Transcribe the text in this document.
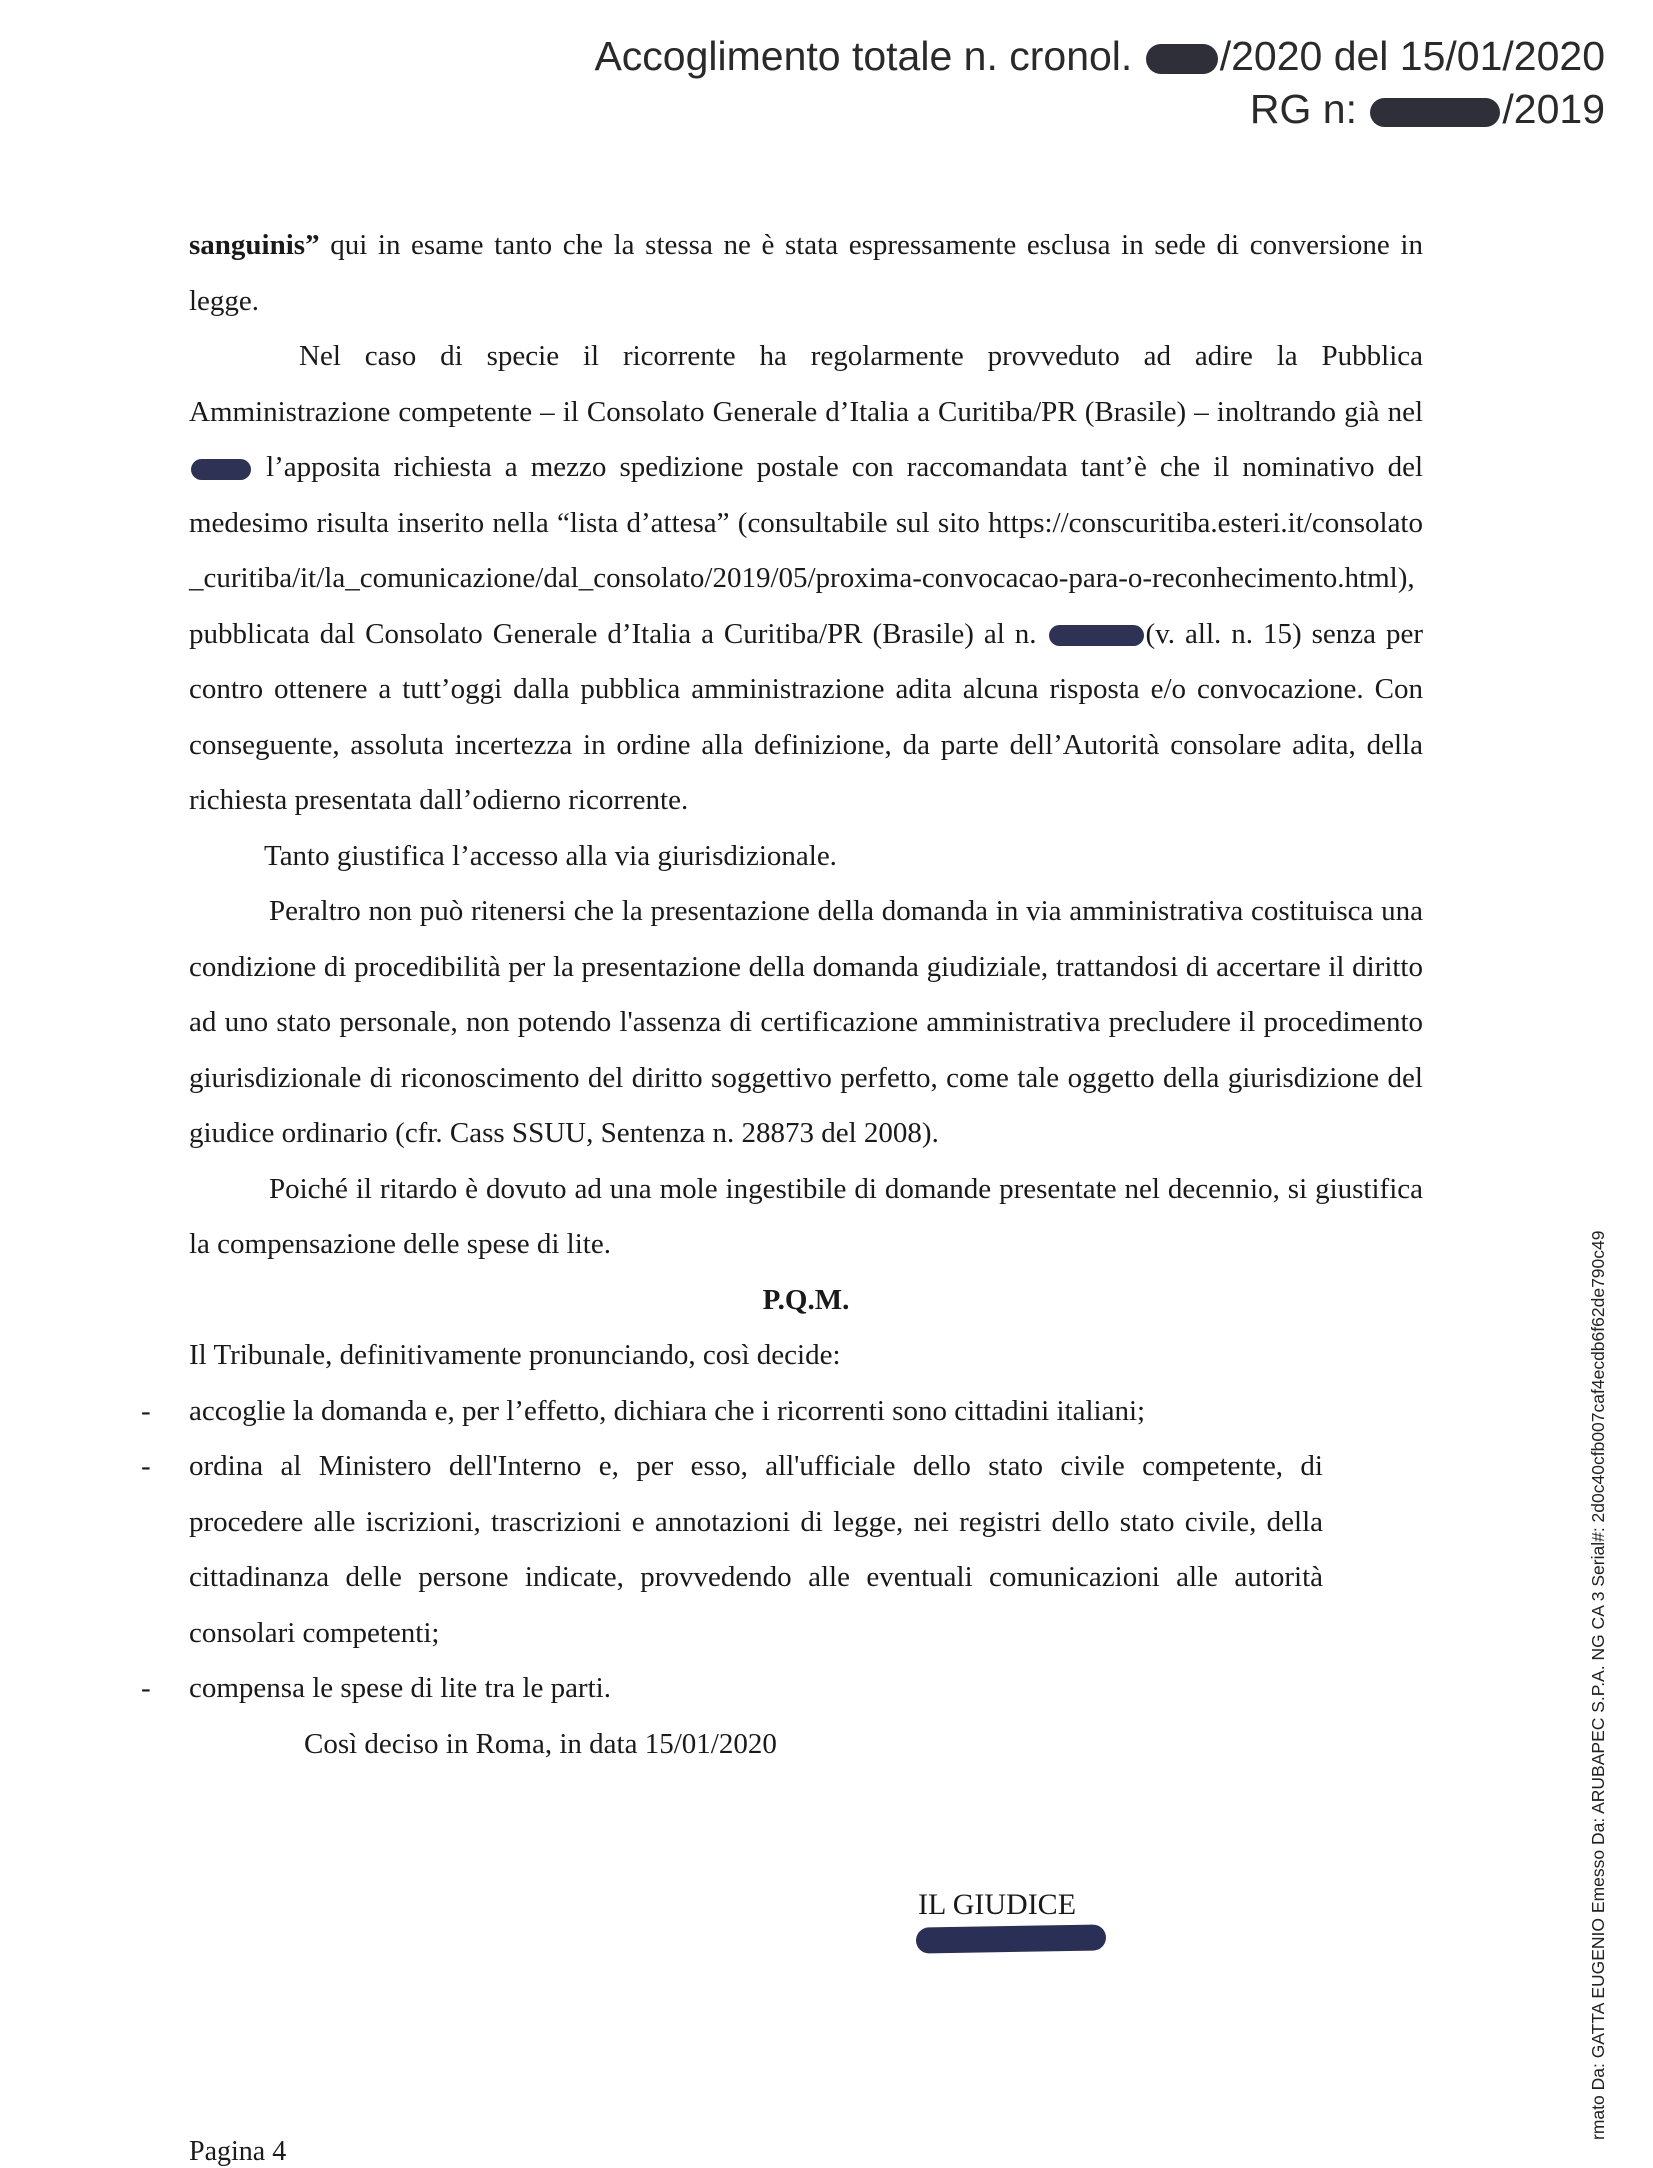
Accoglimento totale n. cronol. /2020 del 15/01/2020
RG n:	/2019

sanguinis” qui in esame tanto che la stessa ne è stata espressamente esclusa in sede di conversione in legge.

Nel caso di specie il ricorrente ha regolarmente provveduto ad adire la Pubblica Amministrazione competente – il Consolato Generale d’Italia a Curitiba/PR (Brasile) – inoltrando già nel  l’apposita richiesta a mezzo spedizione postale con raccomandata tant’è che il nominativo del medesimo risulta inserito nella “lista d’attesa” (consultabile sul sito https://conscuritiba.esteri.it/consolato_curitiba/it/la_comunicazione/dal_consolato/2019/05/proxima-convocacao-para-o-reconhecimento.html), pubblicata dal Consolato Generale d’Italia a Curitiba/PR (Brasile) al n.	(v. all. n. 15) senza per contro ottenere a tutt’oggi dalla pubblica amministrazione adita alcuna risposta e/o convocazione. Con conseguente, assoluta incertezza in ordine alla definizione, da parte dell’Autorità consolare adita, della richiesta presentata dall’odierno ricorrente.

Tanto giustifica l’accesso alla via giurisdizionale.

Peraltro non può ritenersi che la presentazione della domanda in via amministrativa costituisca una condizione di procedibilità per la presentazione della domanda giudiziale, trattandosi di accertare il diritto ad uno stato personale, non potendo l'assenza di certificazione amministrativa precludere il procedimento giurisdizionale di riconoscimento del diritto soggettivo perfetto, come tale oggetto della giurisdizione del giudice ordinario (cfr. Cass SSUU, Sentenza n. 28873 del 2008).

Poiché il ritardo è dovuto ad una mole ingestibile di domande presentate nel decennio, si giustifica la compensazione delle spese di lite.

P.Q.M.

Il Tribunale, definitivamente pronunciando, così decide:

- accoglie la domanda e, per l’effetto, dichiara che i ricorrenti sono cittadini italiani;
- ordina al Ministero dell'Interno e, per esso, all'ufficiale dello stato civile competente, di procedere alle iscrizioni, trascrizioni e annotazioni di legge, nei registri dello stato civile, della cittadinanza delle persone indicate, provvedendo alle eventuali comunicazioni alle autorità consolari competenti;
- compensa le spese di lite tra le parti.

Così deciso in Roma, in data 15/01/2020

IL GIUDICE	rmato Da: GATTA EUGENIO Emesso Da: ARUBAPEC S.P.A. NG CA 3 Serial#: 2d0c40cfb007caf4ecdb6f62de790c49
Pagina 4
